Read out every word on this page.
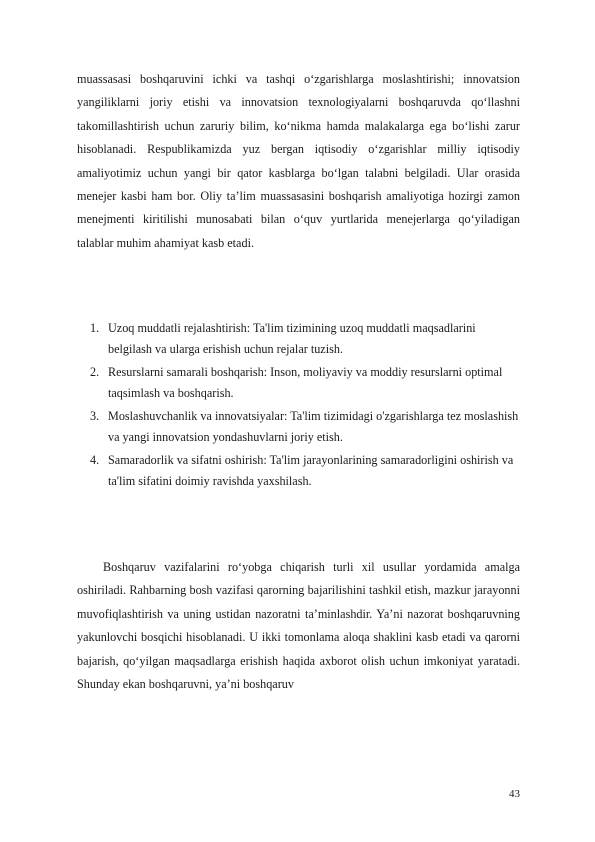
muassasasi boshqaruvini ichki va tashqi o‘zgarishlarga moslashtirishi; innovatsion yangiliklarni joriy etishi va innovatsion texnologiyalarni boshqaruvda qo‘llashni takomillashtirish uchun zaruriy bilim, ko‘nikma hamda malakalarga ega bo‘lishi zarur hisoblanadi. Respublikamizda yuz bergan iqtisodiy o‘zgarishlar milliy iqtisodiy amaliyotimiz uchun yangi bir qator kasblarga bo‘lgan talabni belgiladi. Ular orasida menejer kasbi ham bor. Oliy ta’lim muassasasini boshqarish amaliyotiga hozirgi zamon menejmenti kiritilishi munosabati bilan o‘quv yurtlarida menejerlarga qo‘yiladigan talablar muhim ahamiyat kasb etadi.

1. Uzoq muddatli rejalashtirish: Ta'lim tizimining uzoq muddatli maqsadlarini belgilash va ularga erishish uchun rejalar tuzish.
2. Resurslarni samarali boshqarish: Inson, moliyaviy va moddiy resurslarni optimal taqsimlash va boshqarish.
3. Moslashuvchanlik va innovatsiyalar: Ta'lim tizimidagi o'zgarishlarga tez moslashish va yangi innovatsion yondashuvlarni joriy etish.
4. Samaradorlik va sifatni oshirish: Ta'lim jarayonlarining samaradorligini oshirish va ta'lim sifatini doimiy ravishda yaxshilash.

Boshqaruv vazifalarini ro‘yobga chiqarish turli xil usullar yordamida amalga oshiriladi. Rahbarning bosh vazifasi qarorning bajarilishini tashkil etish, mazkur jarayonni muvofiqlashtirish va uning ustidan nazoratni ta’minlashdir. Ya’ni nazorat boshqaruvning yakunlovchi bosqichi hisoblanadi. U ikki tomonlama aloqa shaklini kasb etadi va qarorni bajarish, qo‘yilgan maqsadlarga erishish haqida axborot olish uchun imkoniyat yaratadi. Shunday ekan boshqaruvni, ya’ni boshqaruv

43
